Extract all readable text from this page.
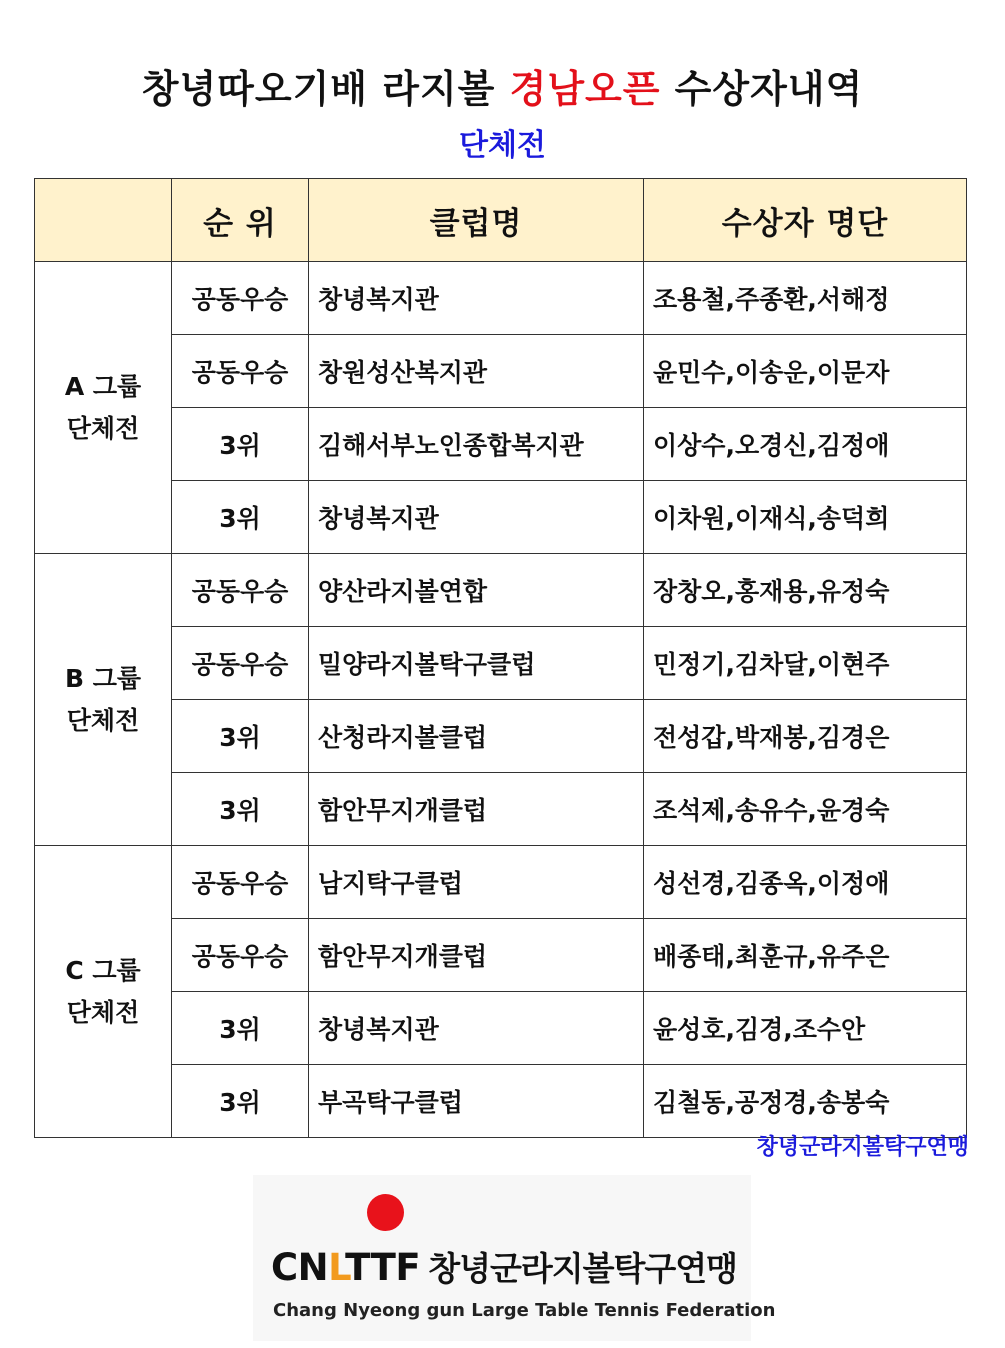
창녕따오기배 라지볼 경남오픈 수상자내역
단체전
	순 위	클럽명	수상자 명단
A 그룹
단체전	공동우승	창녕복지관	조용철,주종환,서해정
	공동우승	창원성산복지관	윤민수,이송운,이문자
	3위	김해서부노인종합복지관	이상수,오경신,김정애
	3위	창녕복지관	이차원,이재식,송덕희
B 그룹
단체전	공동우승	양산라지볼연합	장창오,홍재용,유정숙
	공동우승	밀양라지볼탁구클럽	민정기,김차달,이현주
	3위	산청라지볼클럽	전성갑,박재봉,김경은
	3위	함안무지개클럽	조석제,송유수,윤경숙
C 그룹
단체전	공동우승	남지탁구클럽	성선경,김종옥,이정애
	공동우승	함안무지개클럽	배종태,최훈규,유주은
	3위	창녕복지관	윤성호,김경,조수안
	3위	부곡탁구클럽	김철동,공정경,송봉숙
창녕군라지볼탁구연맹
CNLTTF 창녕군라지볼탁구연맹
Chang Nyeong gun Large Table Tennis Federation
